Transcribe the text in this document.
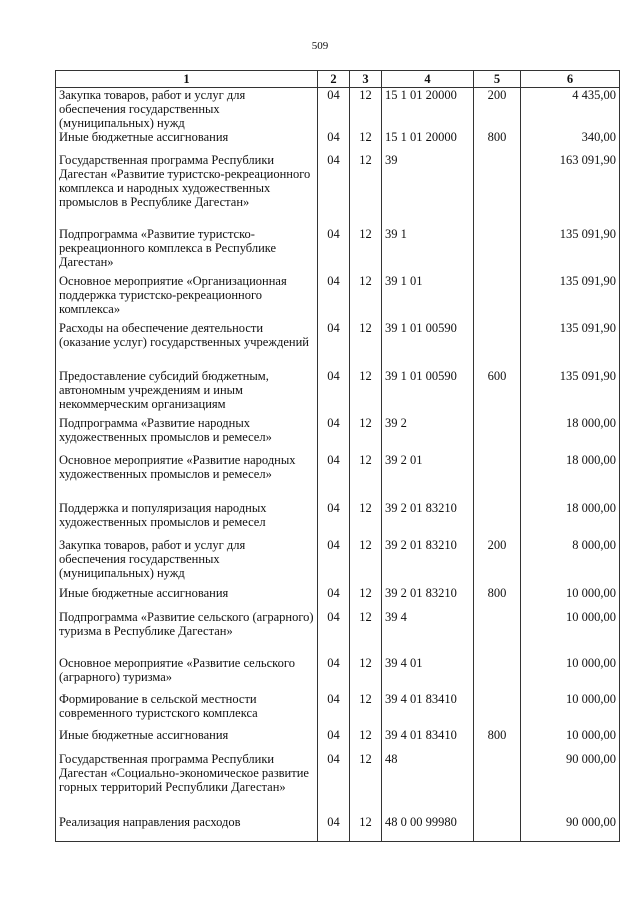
509
1	2	3	4	5	6
Закупка товаров, работ и услуг для обеспечения государственных (муниципальных) нужд	04	12	15 1 01 20000	200	4 435,00
Иные бюджетные ассигнования	04	12	15 1 01 20000	800	340,00
Государственная программа Республики Дагестан «Развитие туристско-рекреационного комплекса и народных художественных промыслов в Республике Дагестан»	04	12	39		163 091,90
Подпрограмма «Развитие туристско-рекреационного комплекса в Республике Дагестан»	04	12	39 1		135 091,90
Основное мероприятие «Организационная поддержка туристско-рекреационного комплекса»	04	12	39 1 01		135 091,90
Расходы на обеспечение деятельности (оказание услуг) государственных учреждений	04	12	39 1 01 00590		135 091,90
Предоставление субсидий бюджетным, автономным учреждениям и иным некоммерческим организациям	04	12	39 1 01 00590	600	135 091,90
Подпрограмма «Развитие народных художественных промыслов и ремесел»	04	12	39 2		18 000,00
Основное мероприятие «Развитие народных художественных промыслов и ремесел»	04	12	39 2 01		18 000,00
Поддержка и популяризация народных художественных промыслов и ремесел	04	12	39 2 01 83210		18 000,00
Закупка товаров, работ и услуг для обеспечения государственных (муниципальных) нужд	04	12	39 2 01 83210	200	8 000,00
Иные бюджетные ассигнования	04	12	39 2 01 83210	800	10 000,00
Подпрограмма «Развитие сельского (аграрного) туризма в Республике Дагестан»	04	12	39 4		10 000,00
Основное мероприятие «Развитие сельского (аграрного) туризма»	04	12	39 4 01		10 000,00
Формирование в сельской местности современного туристского комплекса	04	12	39 4 01 83410		10 000,00
Иные бюджетные ассигнования	04	12	39 4 01 83410	800	10 000,00
Государственная программа Республики Дагестан «Социально-экономическое развитие горных территорий Республики Дагестан»	04	12	48		90 000,00
Реализация направления расходов	04	12	48 0 00 99980		90 000,00
